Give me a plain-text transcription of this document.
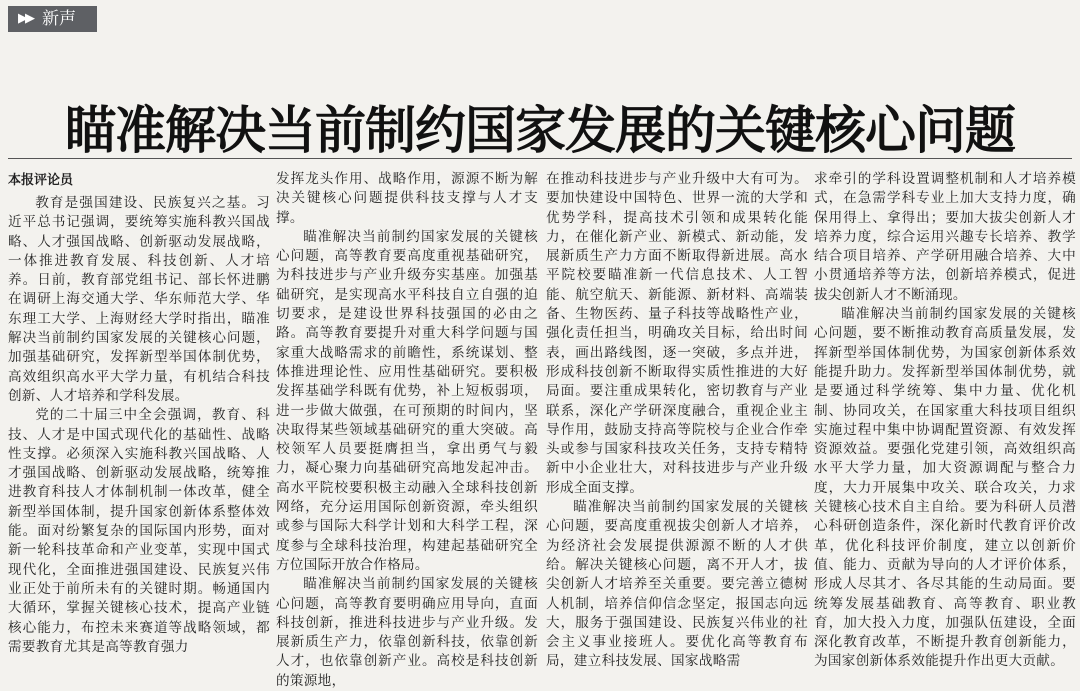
▶▶ 新声
瞄准解决当前制约国家发展的关键核心问题
本报评论员

教育是强国建设、民族复兴之基。习近平总书记强调，要统筹实施科教兴国战略、人才强国战略、创新驱动发展战略，一体推进教育发展、科技创新、人才培养。日前，教育部党组书记、部长怀进鹏在调研上海交通大学、华东师范大学、华东理工大学、上海财经大学时指出，瞄准解决当前制约国家发展的关键核心问题，加强基础研究，发挥新型举国体制优势，高效组织高水平大学力量，有机结合科技创新、人才培养和学科发展。

党的二十届三中全会强调，教育、科技、人才是中国式现代化的基础性、战略性支撑。必须深入实施科教兴国战略、人才强国战略、创新驱动发展战略，统筹推进教育科技人才体制机制一体改革，健全新型举国体制，提升国家创新体系整体效能。面对纷繁复杂的国际国内形势，面对新一轮科技革命和产业变革，实现中国式现代化，全面推进强国建设、民族复兴伟业正处于前所未有的关键时期。畅通国内大循环，掌握关键核心技术，提高产业链核心能力，布控未来赛道等战略领域，都需要教育尤其是高等教育强力

发挥龙头作用、战略作用，源源不断为解决关键核心问题提供科技支撑与人才支撑。

瞄准解决当前制约国家发展的关键核心问题，高等教育要高度重视基础研究，为科技进步与产业升级夯实基座。加强基础研究，是实现高水平科技自立自强的迫切要求，是建设世界科技强国的必由之路。高等教育要提升对重大科学问题与国家重大战略需求的前瞻性，系统谋划、整体推进理论性、应用性基础研究。要积极发挥基础学科既有优势，补上短板弱项，进一步做大做强，在可预期的时间内，坚决取得某些领域基础研究的重大突破。高校领军人员要挺膺担当，拿出勇气与毅力，凝心聚力向基础研究高地发起冲击。高水平院校要积极主动融入全球科技创新网络，充分运用国际创新资源，牵头组织或参与国际大科学计划和大科学工程，深度参与全球科技治理，构建起基础研究全方位国际开放合作格局。

瞄准解决当前制约国家发展的关键核心问题，高等教育要明确应用导向，直面科技创新，推进科技进步与产业升级。发展新质生产力，依靠创新科技，依靠创新人才，也依靠创新产业。高校是科技创新的策源地，

在推动科技进步与产业升级中大有可为。要加快建设中国特色、世界一流的大学和优势学科，提高技术引领和成果转化能力，在催化新产业、新模式、新动能，发展新质生产力方面不断取得新进展。高水平院校要瞄准新一代信息技术、人工智能、航空航天、新能源、新材料、高端装备、生物医药、量子科技等战略性产业，强化责任担当，明确攻关目标，给出时间表，画出路线图，逐一突破，多点并进，形成科技创新不断取得实质性推进的大好局面。要注重成果转化，密切教育与产业联系，深化产学研深度融合，重视企业主导作用，鼓励支持高等院校与企业合作牵头或参与国家科技攻关任务，支持专精特新中小企业壮大，对科技进步与产业升级形成全面支撑。

瞄准解决当前制约国家发展的关键核心问题，要高度重视拔尖创新人才培养，为经济社会发展提供源源不断的人才供给。解决关键核心问题，离不开人才，拔尖创新人才培养至关重要。要完善立德树人机制，培养信仰信念坚定，报国志向远大，服务于强国建设、民族复兴伟业的社会主义事业接班人。要优化高等教育布局，建立科技发展、国家战略需

求牵引的学科设置调整机制和人才培养模式，在急需学科专业上加大支持力度，确保用得上、拿得出；要加大拔尖创新人才培养力度，综合运用兴趣专长培养、教学结合项目培养、产学研用融合培养、大中小贯通培养等方法，创新培养模式，促进拔尖创新人才不断涌现。

瞄准解决当前制约国家发展的关键核心问题，要不断推动教育高质量发展，发挥新型举国体制优势，为国家创新体系效能提升助力。发挥新型举国体制优势，就是要通过科学统筹、集中力量、优化机制、协同攻关，在国家重大科技项目组织实施过程中集中协调配置资源、有效发挥资源效益。要强化党建引领，高效组织高水平大学力量，加大资源调配与整合力度，大力开展集中攻关、联合攻关，力求关键核心技术自主自给。要为科研人员潜心科研创造条件，深化新时代教育评价改革，优化科技评价制度，建立以创新价值、能力、贡献为导向的人才评价体系，形成人尽其才、各尽其能的生动局面。要统筹发展基础教育、高等教育、职业教育，加大投入力度，加强队伍建设，全面深化教育改革，不断提升教育创新能力，为国家创新体系效能提升作出更大贡献。
